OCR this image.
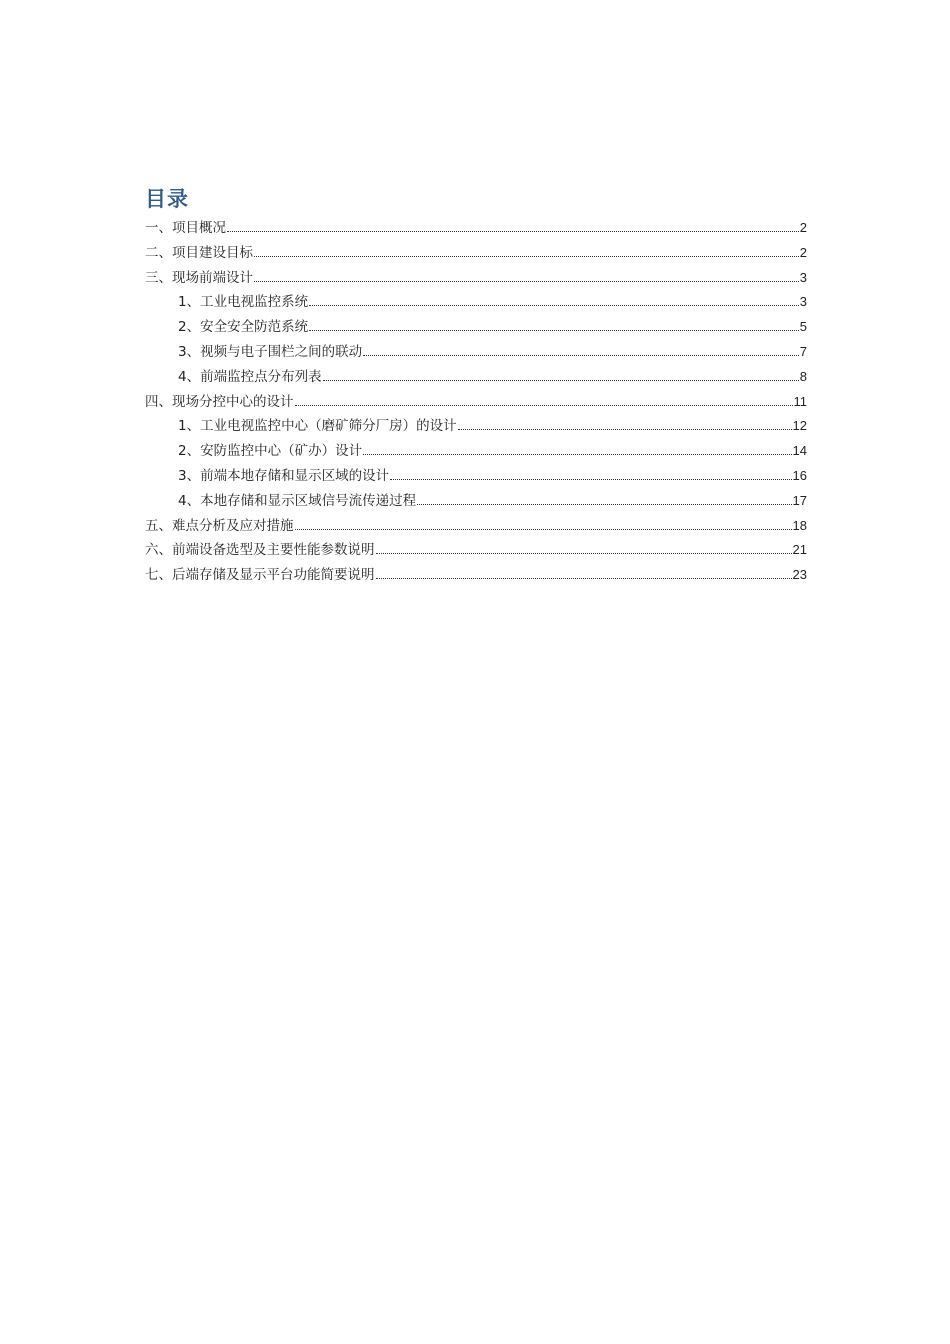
目录
一、项目概况	2
二、项目建设目标	2
三、现场前端设计	3
1、工业电视监控系统	3
2、安全安全防范系统	5
3、视频与电子围栏之间的联动	7
4、前端监控点分布列表	8
四、现场分控中心的设计	11
1、工业电视监控中心（磨矿筛分厂房）的设计	12
2、安防监控中心（矿办）设计	14
3、前端本地存储和显示区域的设计	16
4、本地存储和显示区域信号流传递过程	17
五、难点分析及应对措施	18
六、前端设备选型及主要性能参数说明	21
七、后端存储及显示平台功能简要说明	23
